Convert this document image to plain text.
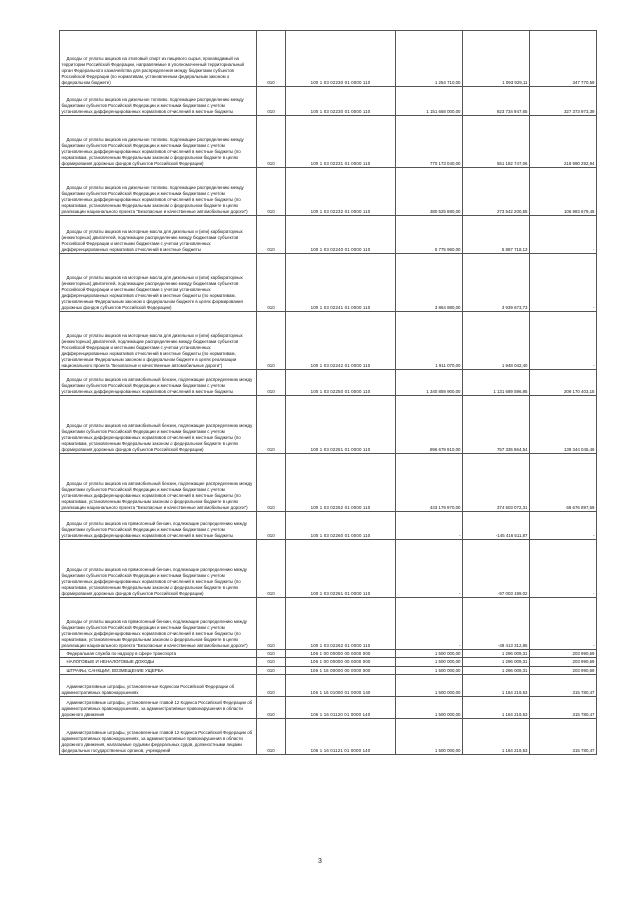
Доходы от уплаты акцизов на этиловый спирт из пищевого сырья, производимый на территории Российской Федерации, направляемые в уполномоченный территориальный орган Федерального казначейства для распределения между бюджетами субъектов Российской Федерации (по нормативам, установленным федеральным законом о федеральном бюджете)	010	100 1 03 02230 01 0000 110	1 254 710,00	1 093 929,11	347 770,59
Доходы от уплаты акцизов на дизельное топливо, подлежащие распределению между бюджетами субъектов Российской Федерации и местными бюджетами с учетом установленных дифференцированных нормативов отчислений в местные бюджеты	010	100 1 03 02230 01 0000 110	1 151 668 000,00	823 734 947,65	327 373 973,39
Доходы от уплаты акцизов на дизельное топливо, подлежащие распределению между бюджетами субъектов Российской Федерации и местными бюджетами с учетом установленных дифференцированных нормативов отчислений в местные бюджеты (по нормативам, установленным Федеральным законом о федеральном бюджете в целях формирования дорожных фондов субъектов Российской Федерации)	010	100 1 03 02231 01 0000 110	770 173 040,00	551 182 747,06	218 990 292,94
Доходы от уплаты акцизов на дизельное топливо, подлежащие распределению между бюджетами субъектов Российской Федерации и местными бюджетами с учетом установленных дифференцированных нормативов отчислений в местные бюджеты (по нормативам, установленным Федеральным законом о федеральном бюджете в целях реализации национального проекта "Безопасные и качественные автомобильные дороги")	010	100 1 03 02232 01 0000 110	380 525 880,00	273 542 200,55	106 983 679,45
Доходы от уплаты акцизов на моторные масла для дизельных и (или) карбюраторных (инжекторных) двигателей, подлежащие распределению между бюджетами субъектов Российской Федерации и местными бюджетами с учетом установленных дифференцированных нормативов отчислений в местные бюджеты	010	100 1 03 02240 01 0000 110	5 775 960,00	5 887 718,13	-
Доходы от уплаты акцизов на моторные масла для дизельных и (или) карбюраторных (инжекторных) двигателей, подлежащие распределению между бюджетами субъектов Российской Федерации и местными бюджетами с учетом установленных дифференцированных нормативов отчислений в местные бюджеты (по нормативам, установленным Федеральным законом о федеральном бюджете в целях формирования дорожных фондов субъектов Российской Федерации)	010	100 1 03 02241 01 0000 110	3 864 880,00	3 939 673,73	-
Доходы от уплаты акцизов на моторные масла для дизельных и (или) карбюраторных (инжекторных) двигателей, подлежащие распределению между бюджетами субъектов Российской Федерации и местными бюджетами с учетом установленных дифференцированных нормативов отчислений в местные бюджеты (по нормативам, установленным Федеральным законом о федеральном бюджете в целях реализации национального проекта "Безопасные и качественные автомобильные дороги")	010	100 1 03 02242 01 0000 110	1 911 070,00	1 948 042,40	-
Доходы от уплаты акцизов на автомобильный бензин, подлежащие распределению между бюджетами субъектов Российской Федерации и местными бюджетами с учетом установленных дифференцированных нормативов отчислений в местные бюджеты	010	100 1 03 02250 01 0000 110	1 340 859 900,00	1 131 689 596,85	209 170 403,15
Доходы от уплаты акцизов на автомобильный бензин, подлежащие распределению между бюджетами субъектов Российской Федерации и местными бюджетами с учетом установленных дифференцированных нормативов отчислений в местные бюджеты (по нормативам, установленным Федеральным законом о федеральном бюджете в целях формирования дорожных фондов субъектов Российской Федерации)	010	100 1 03 02251 01 0000 110	896 679 910,00	757 335 864,54	139 344 045,46
Доходы от уплаты акцизов на автомобильный бензин, подлежащие распределению между бюджетами субъектов Российской Федерации и местными бюджетами с учетом установленных дифференцированных нормативов отчислений в местные бюджеты (по нормативам, установленным Федеральным законом о федеральном бюджете в целях реализации национального проекта "Безопасные и качественные автомобильные дороги")	010	100 1 03 02252 01 0000 110	443 179 970,00	374 503 072,31	68 676 897,69
Доходы от уплаты акцизов на прямогонный бензин, подлежащие распределению между бюджетами субъектов Российской Федерации и местными бюджетами с учетом установленных дифференцированных нормативов отчислений в местные бюджеты	010	100 1 03 02260 01 0000 110	-	-145 416 511,87	-
Доходы от уплаты акцизов на прямогонный бензин, подлежащие распределению между бюджетами субъектов Российской Федерации и местными бюджетами с учетом установленных дифференцированных нормативов отчислений в местные бюджеты (по нормативам, установленным Федеральным законом о федеральном бюджете в целях формирования дорожных фондов субъектов Российской Федерации)	010	100 1 03 02261 01 0000 110	-	-97 003 199,02	-
Доходы от уплаты акцизов на прямогонный бензин, подлежащие распределению между бюджетами субъектов Российской Федерации и местными бюджетами с учетом установленных дифференцированных нормативов отчислений в местные бюджеты (по нормативам, установленным Федеральным законом о федеральном бюджете в целях реализации национального проекта "Безопасные и качественные автомобильные дороги")	010	100 1 03 02262 01 0000 110	-	-48 413 312,85	-
Федеральная служба по надзору в сфере транспорта	010	106 1 00 00000 00 0000 000	1 500 000,00	1 296 009,31	203 990,69
НАЛОГОВЫЕ И НЕНАЛОГОВЫЕ ДОХОДЫ	010	106 1 00 00000 00 0000 000	1 500 000,00	1 296 009,31	203 990,69
ШТРАФЫ, САНКЦИИ, ВОЗМЕЩЕНИЕ УЩЕРБА	010	106 1 16 00000 00 0000 000	1 500 000,00	1 296 009,31	203 990,69
Административные штрафы, установленные Кодексом Российской Федерации об административных правонарушениях	010	106 1 16 01000 01 0000 140	1 500 000,00	1 184 219,53	315 780,47
Административные штрафы, установленные главой 12 Кодекса Российской Федерации об административных правонарушениях, за административные правонарушения в области дорожного движения	010	106 1 16 01120 01 0000 140	1 500 000,00	1 184 219,53	315 780,47
Административные штрафы, установленные главой 12 Кодекса Российской Федерации об административных правонарушениях, за административные правонарушения в области дорожного движения, налагаемые судьями федеральных судов, должностными лицами федеральных государственных органов, учреждений	010	106 1 16 01121 01 0000 140	1 500 000,00	1 184 219,53	315 780,47
3
